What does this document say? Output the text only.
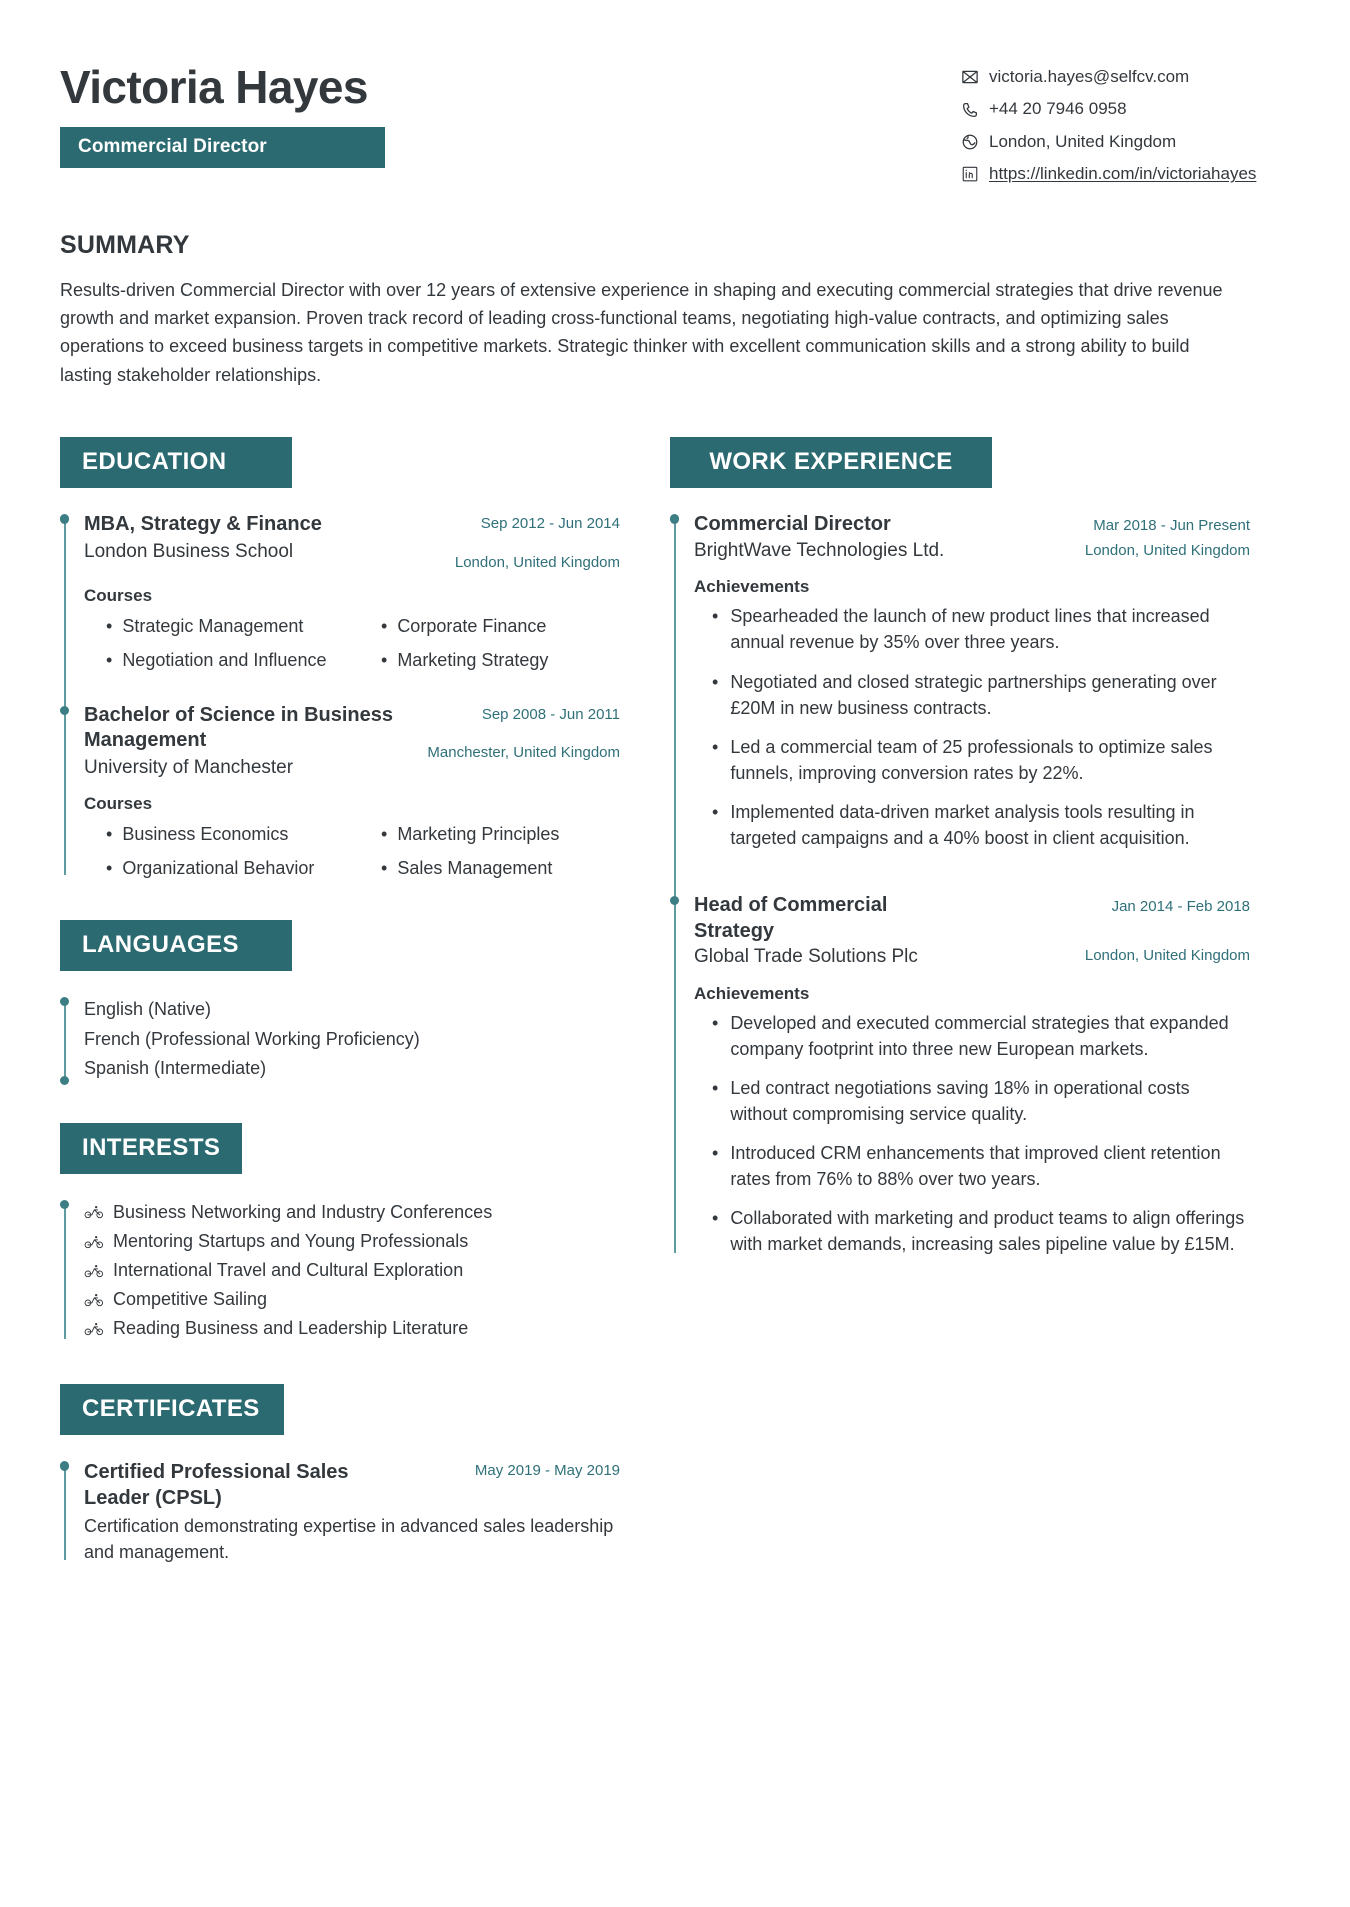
Victoria Hayes
Commercial Director
victoria.hayes@selfcv.com
+44 20 7946 0958
London, United Kingdom
https://linkedin.com/in/victoriahayes
SUMMARY
Results-driven Commercial Director with over 12 years of extensive experience in shaping and executing commercial strategies that drive revenue growth and market expansion. Proven track record of leading cross-functional teams, negotiating high-value contracts, and optimizing sales operations to exceed business targets in competitive markets. Strategic thinker with excellent communication skills and a strong ability to build lasting stakeholder relationships.
EDUCATION
MBA, Strategy & Finance
London Business School
Sep 2012 - Jun 2014
London, United Kingdom
Courses
• Strategic Management	• Corporate Finance
• Negotiation and Influence	• Marketing Strategy
Bachelor of Science in Business Management
University of Manchester
Sep 2008 - Jun 2011
Manchester, United Kingdom
Courses
• Business Economics	• Marketing Principles
• Organizational Behavior	• Sales Management
LANGUAGES
English (Native)
French (Professional Working Proficiency)
Spanish (Intermediate)
INTERESTS
Business Networking and Industry Conferences
Mentoring Startups and Young Professionals
International Travel and Cultural Exploration
Competitive Sailing
Reading Business and Leadership Literature
CERTIFICATES
Certified Professional Sales Leader (CPSL)
May 2019 - May 2019
Certification demonstrating expertise in advanced sales leadership and management.
WORK EXPERIENCE
Commercial Director	Mar 2018 - Jun Present
BrightWave Technologies Ltd.	London, United Kingdom
Achievements
• Spearheaded the launch of new product lines that increased annual revenue by 35% over three years.
• Negotiated and closed strategic partnerships generating over £20M in new business contracts.
• Led a commercial team of 25 professionals to optimize sales funnels, improving conversion rates by 22%.
• Implemented data-driven market analysis tools resulting in targeted campaigns and a 40% boost in client acquisition.
Head of Commercial Strategy
Jan 2014 - Feb 2018
Global Trade Solutions Plc	London, United Kingdom
Achievements
• Developed and executed commercial strategies that expanded company footprint into three new European markets.
• Led contract negotiations saving 18% in operational costs without compromising service quality.
• Introduced CRM enhancements that improved client retention rates from 76% to 88% over two years.
• Collaborated with marketing and product teams to align offerings with market demands, increasing sales pipeline value by £15M.
